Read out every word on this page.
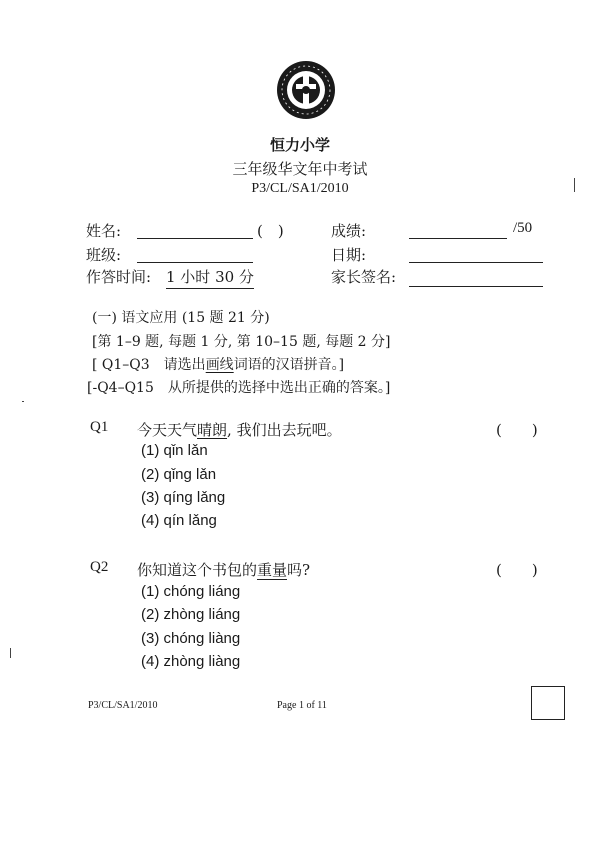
恒力小学
三年级华文年中考试
P3/CL/SA1/2010
姓名:	(　)	成绩:	/50
班级:	日期:
作答时间: 1 小时 30 分	家长签名:
(一) 语文应用 (15 题 21 分)
[第 1–9 题, 每题 1 分, 第 10–15 题, 每题 2 分]
[ Q1–Q3　请选出画线词语的汉语拼音。]
[-Q4–Q15　从所提供的选择中选出正确的答案。]
Q1 今天天气晴朗, 我们出去玩吧。	(　　)
(1) qǐn lǎn
(2) qǐng lǎn
(3) qíng lǎng
(4) qín lǎng
Q2 你知道这个书包的重量吗?	(　　)
(1) chóng liáng
(2) zhòng liáng
(3) chóng liàng
(4) zhòng liàng
P3/CL/SA1/2010	Page 1 of 11
